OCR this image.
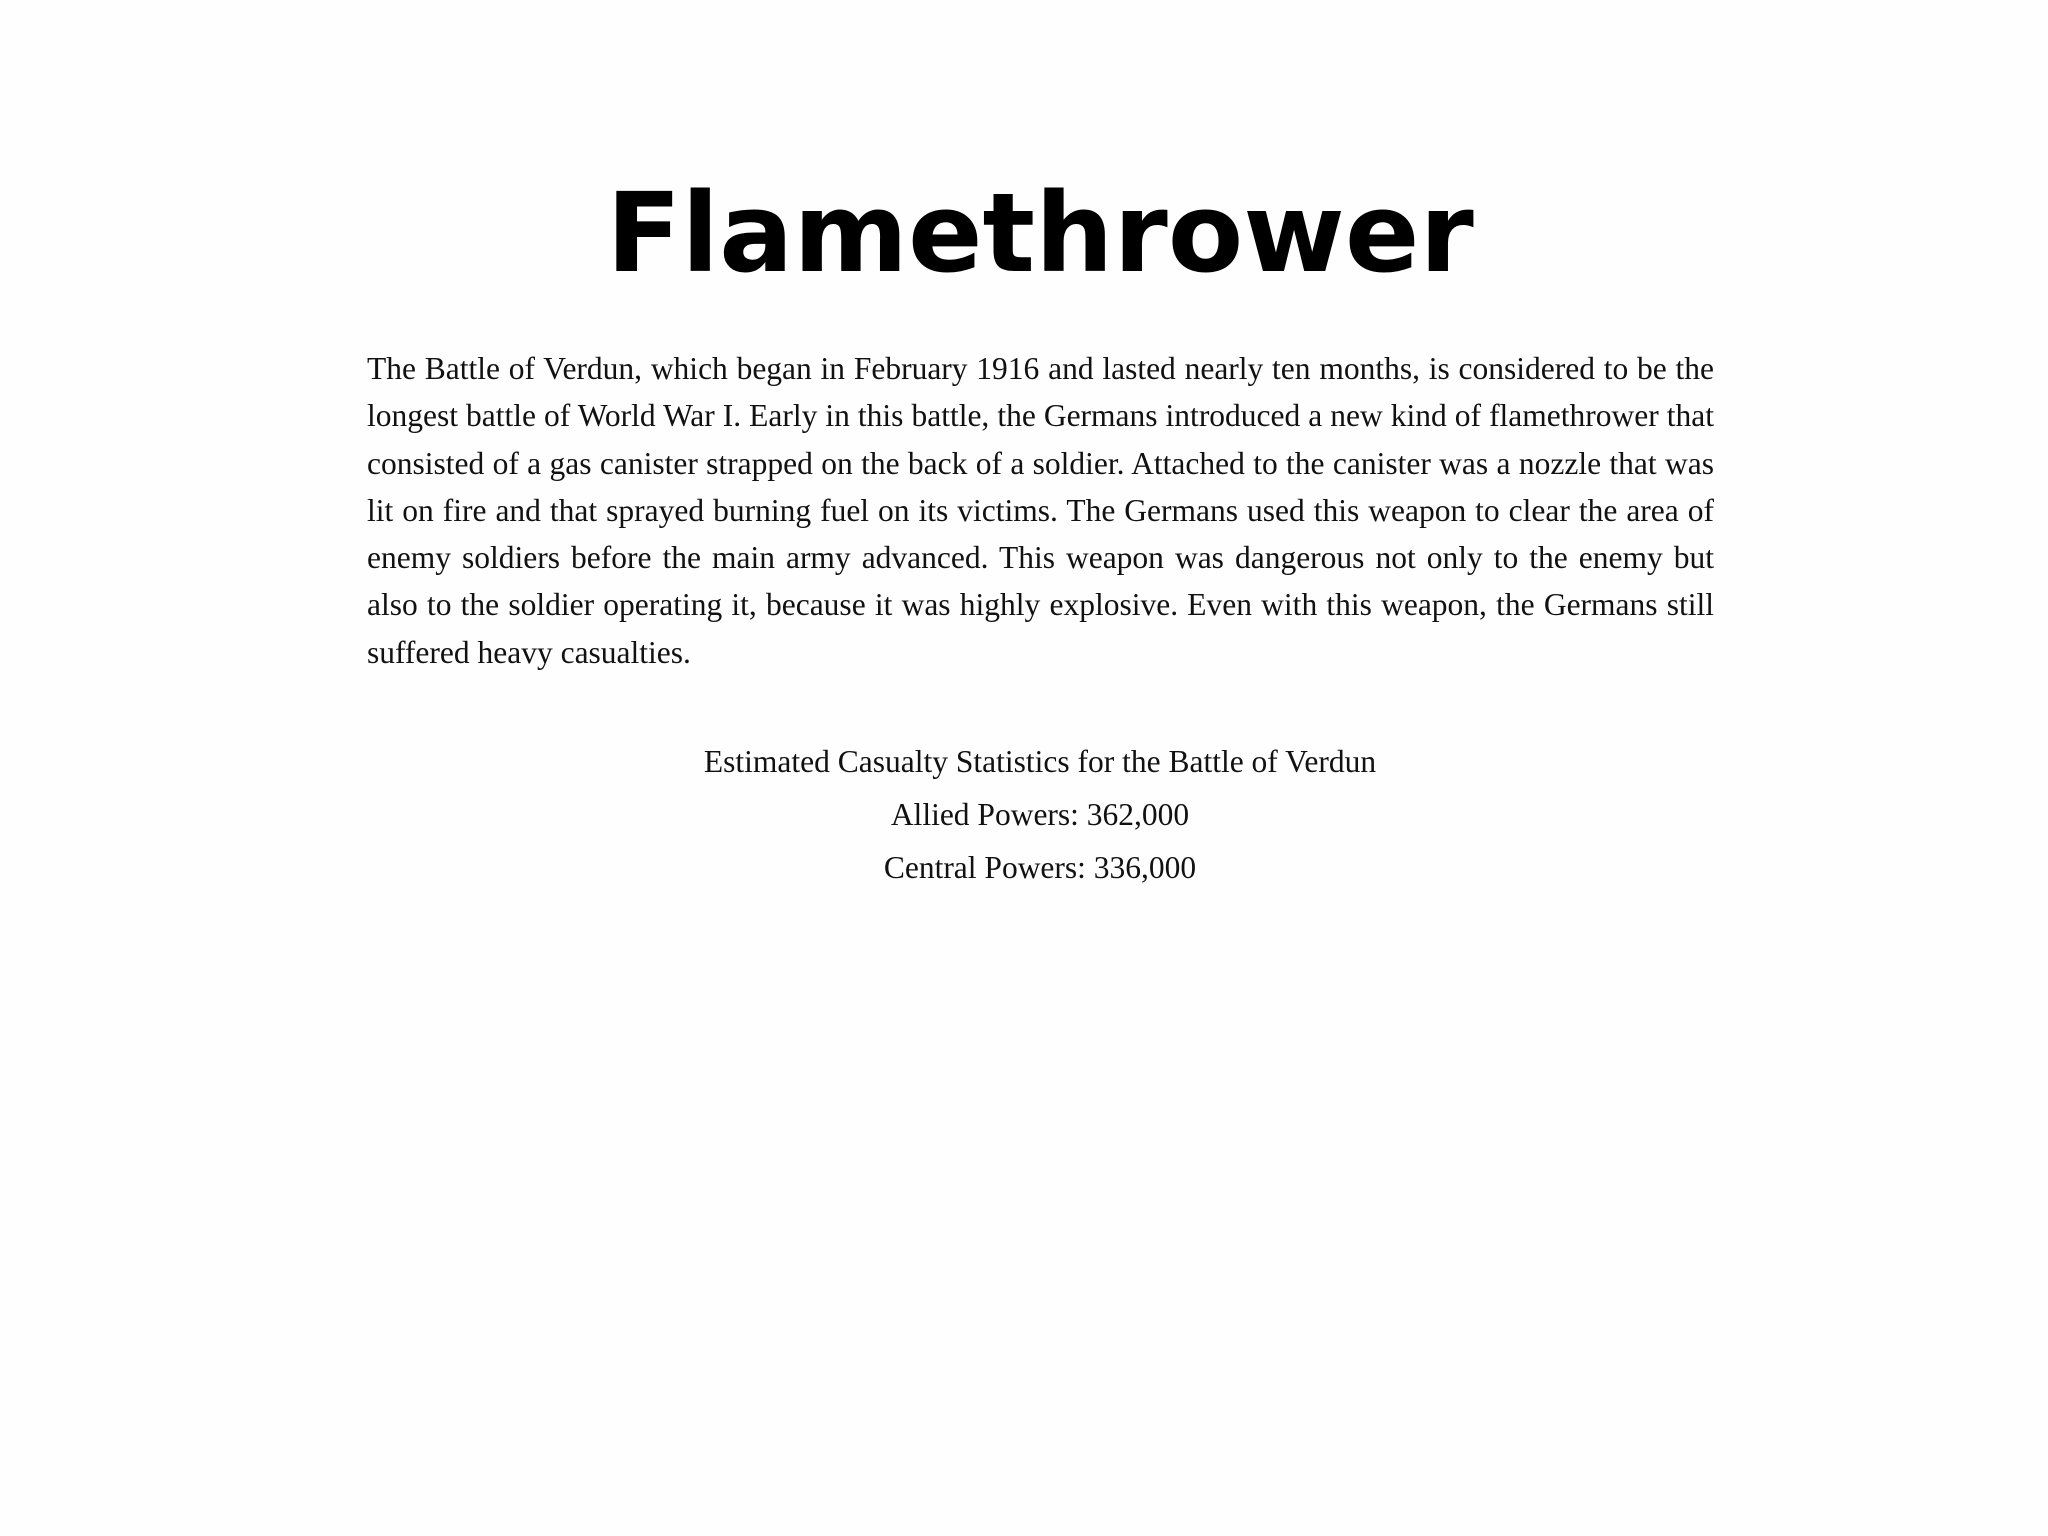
Flamethrower

The Battle of Verdun, which began in February 1916 and lasted nearly ten months, is considered to be the longest battle of World War I. Early in this battle, the Germans introduced a new kind of flamethrower that consisted of a gas canister strapped on the back of a soldier. Attached to the canister was a nozzle that was lit on fire and that sprayed burning fuel on its victims. The Germans used this weapon to clear the area of enemy soldiers before the main army advanced. This weapon was dangerous not only to the enemy but also to the soldier operating it, because it was highly explosive. Even with this weapon, the Germans still suffered heavy casualties.

Estimated Casualty Statistics for the Battle of Verdun
Allied Powers: 362,000
Central Powers: 336,000
